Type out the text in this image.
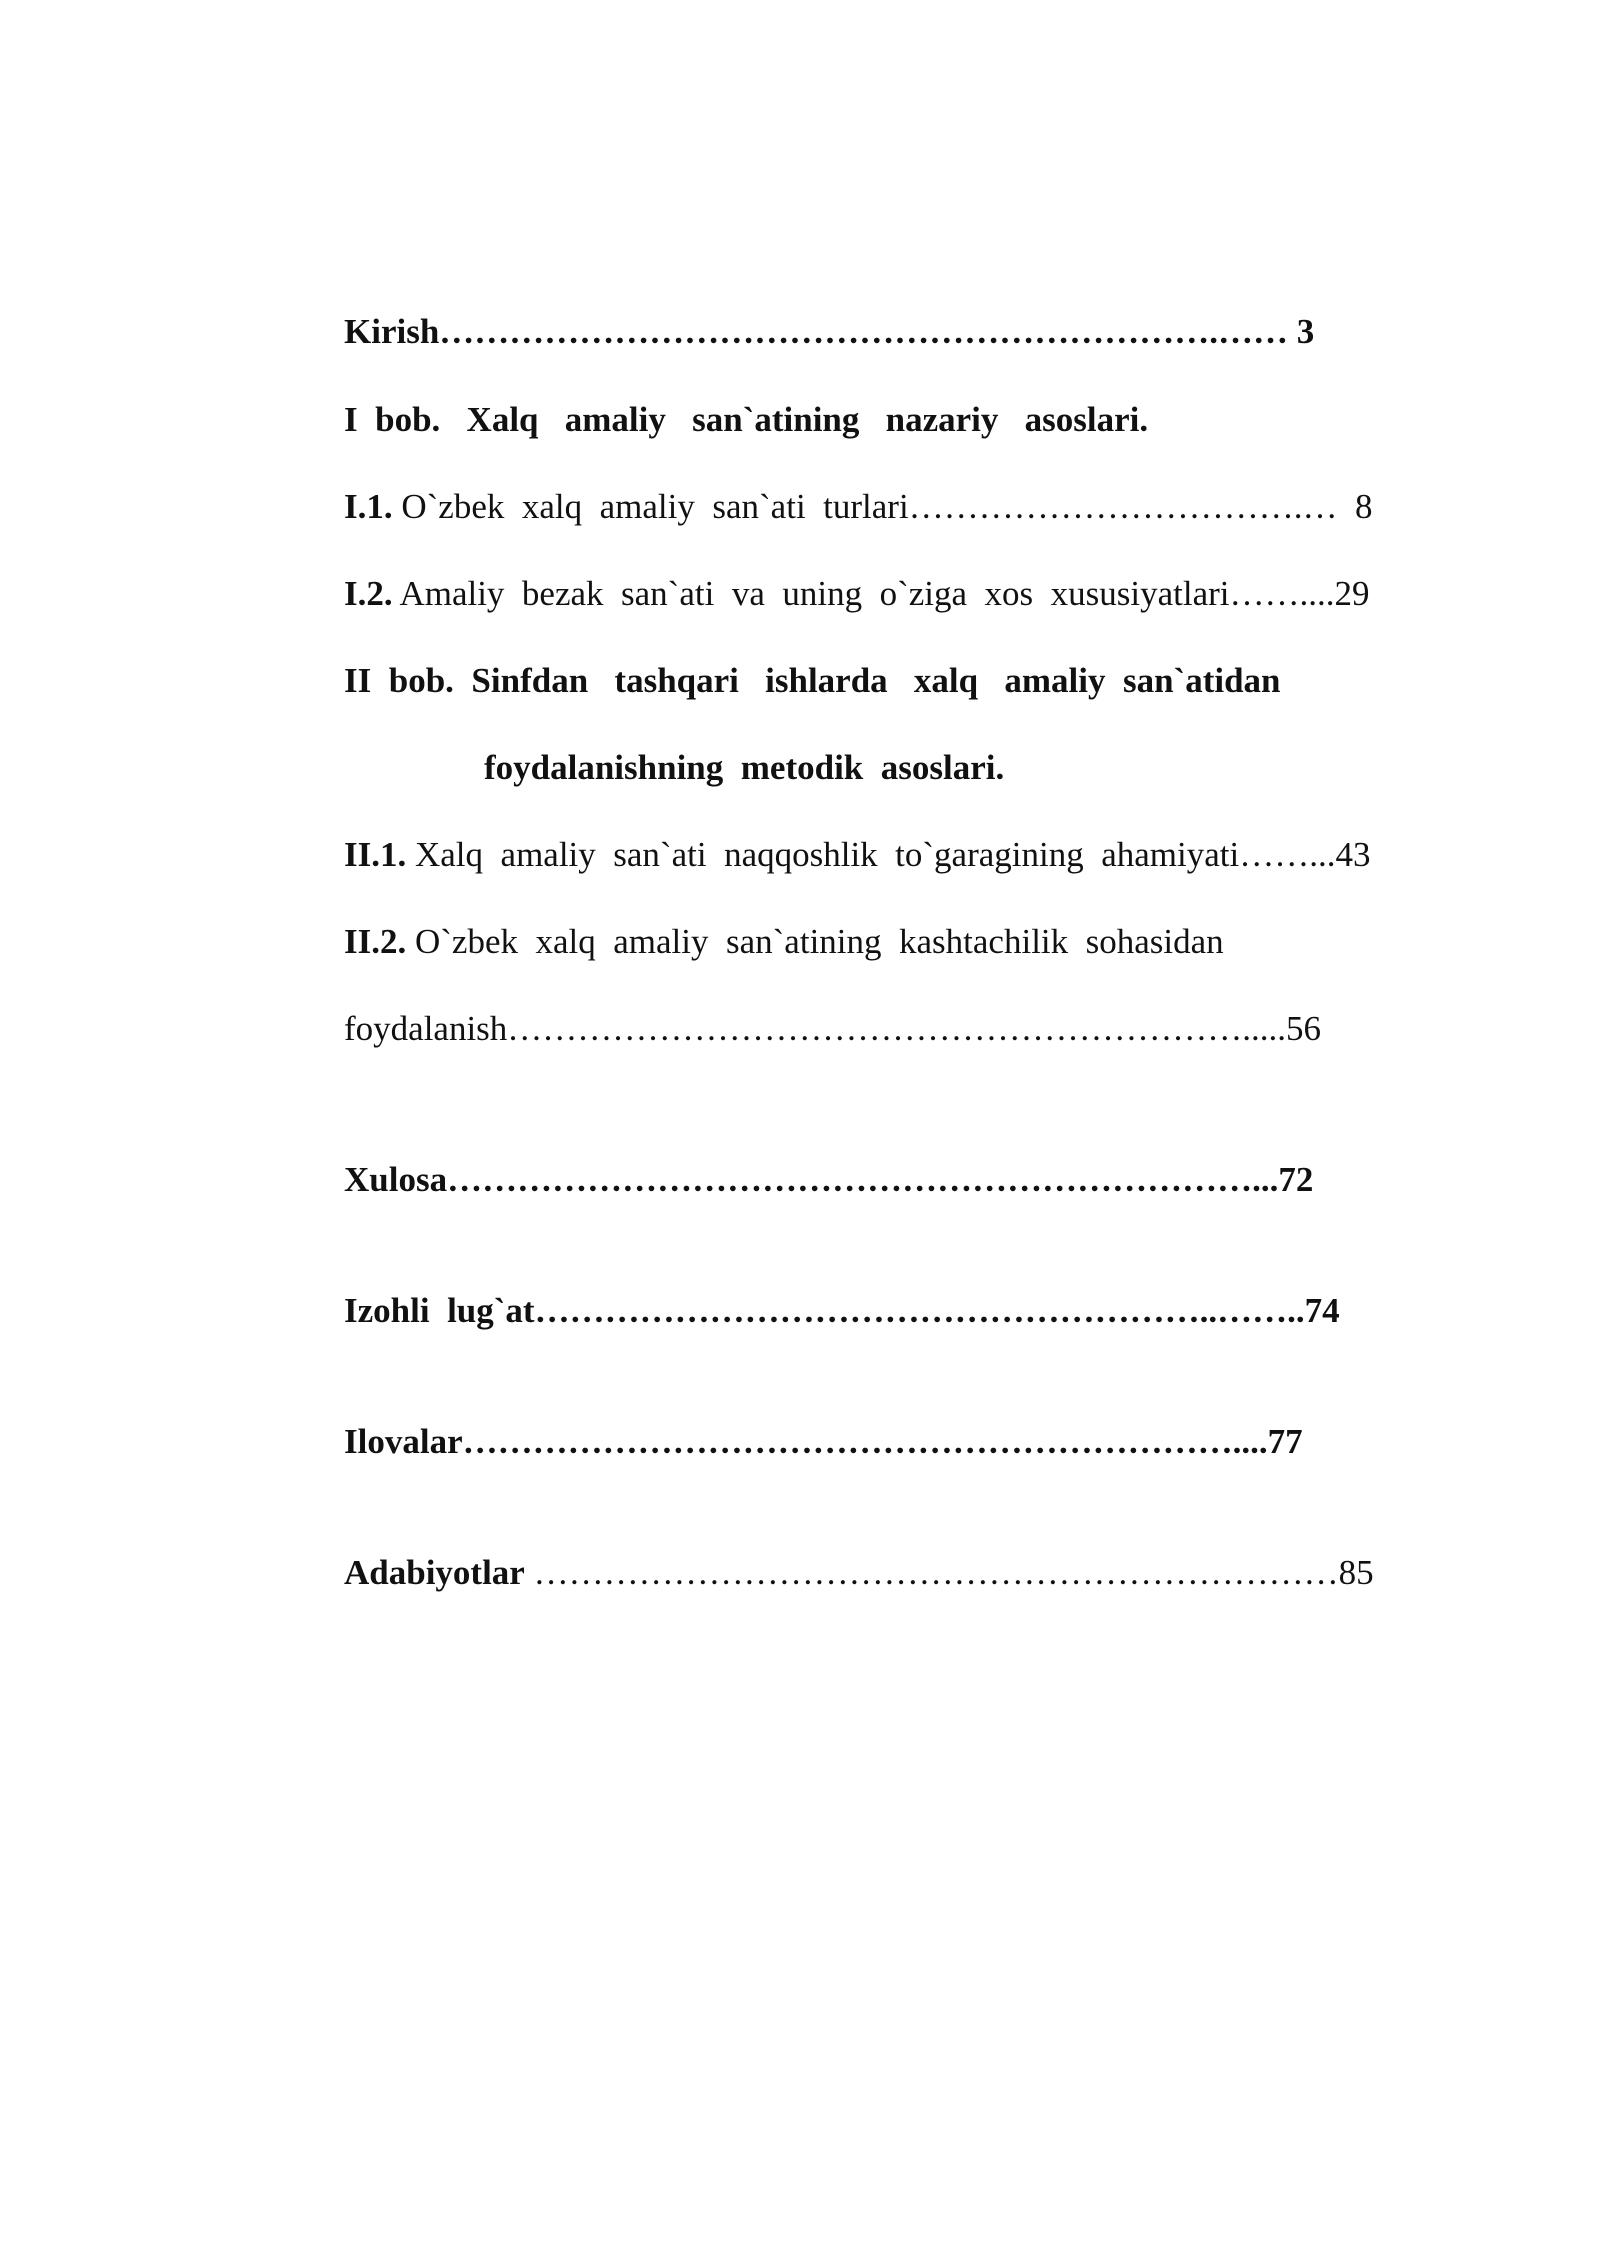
Kirish………………………………………………………….…… 3
I  bob.   Xalq   amaliy   san`atining   nazariy   asoslari.
I.1. O`zbek  xalq  amaliy  san`ati  turlari…………………………….…  8
I.2. Amaliy  bezak  san`ati  va  uning  o`ziga  xos  xususiyatlari……....29
II  bob.  Sinfdan   tashqari   ishlarda   xalq   amaliy  san`atidan
foydalanishning  metodik  asoslari.
II.1. Xalq  amaliy  san`ati  naqqoshlik  to`garagining  ahamiyati……...43
II.2. O`zbek  xalq  amaliy  san`atining  kashtachilik  sohasidan
foydalanish……………………………………………………….....56
Xulosa……………………………………………………………...72
Izohli  lug`at…………………………………………………..……..74
Ilovalar…………………………………………………………....77
Adabiyotlar ……………………………………………………………85
